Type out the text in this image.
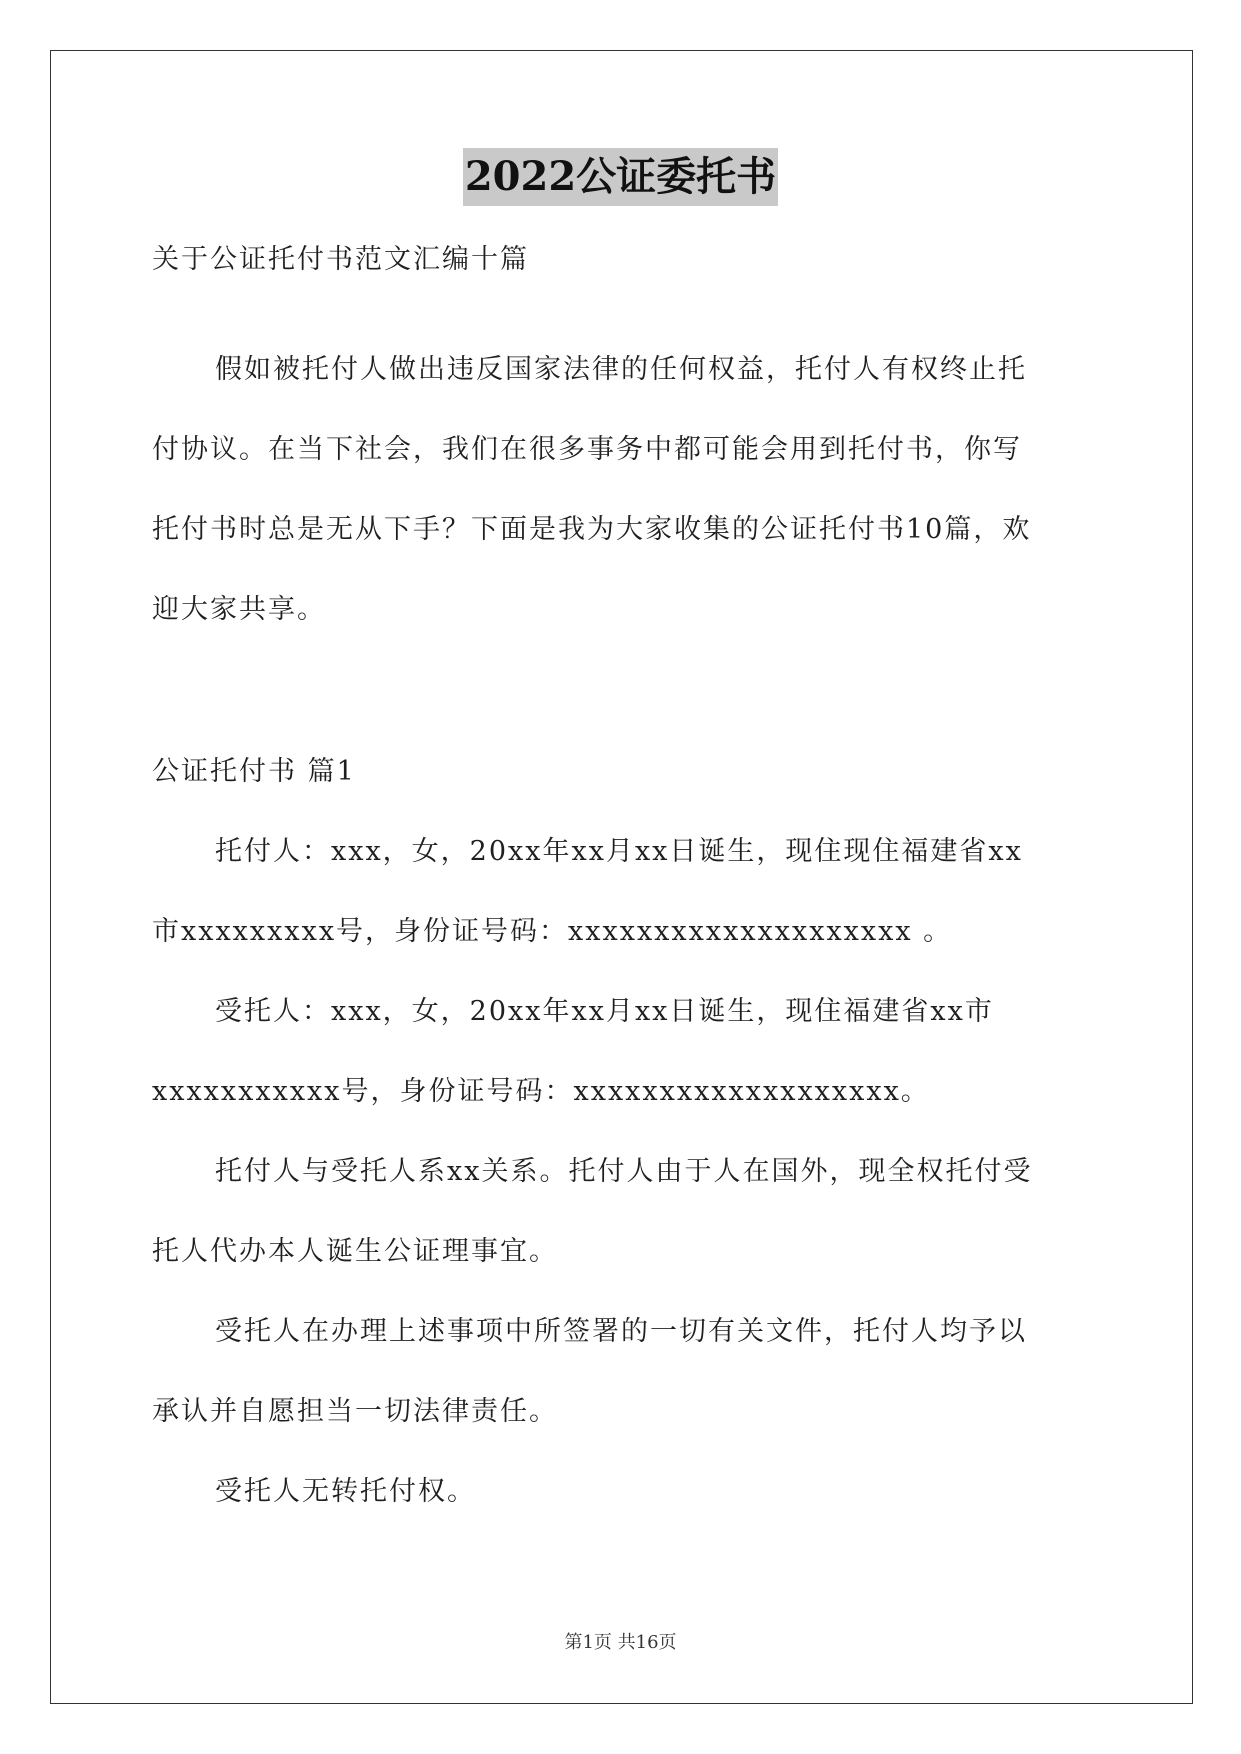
2022公证委托书
关于公证托付书范文汇编十篇
假如被托付人做出违反国家法律的任何权益，托付人有权终止托
付协议。在当下社会，我们在很多事务中都可能会用到托付书，你写
托付书时总是无从下手？下面是我为大家收集的公证托付书10篇，欢
迎大家共享。
公证托付书 篇1
托付人：xxx，女，20xx年xx月xx日诞生，现住现住福建省xx
市xxxxxxxxx号，身份证号码：xxxxxxxxxxxxxxxxxxxx 。
受托人：xxx，女，20xx年xx月xx日诞生，现住福建省xx市
xxxxxxxxxxx号，身份证号码：xxxxxxxxxxxxxxxxxxx。
托付人与受托人系xx关系。托付人由于人在国外，现全权托付受
托人代办本人诞生公证理事宜。
受托人在办理上述事项中所签署的一切有关文件，托付人均予以
承认并自愿担当一切法律责任。
受托人无转托付权。
第1页 共16页
